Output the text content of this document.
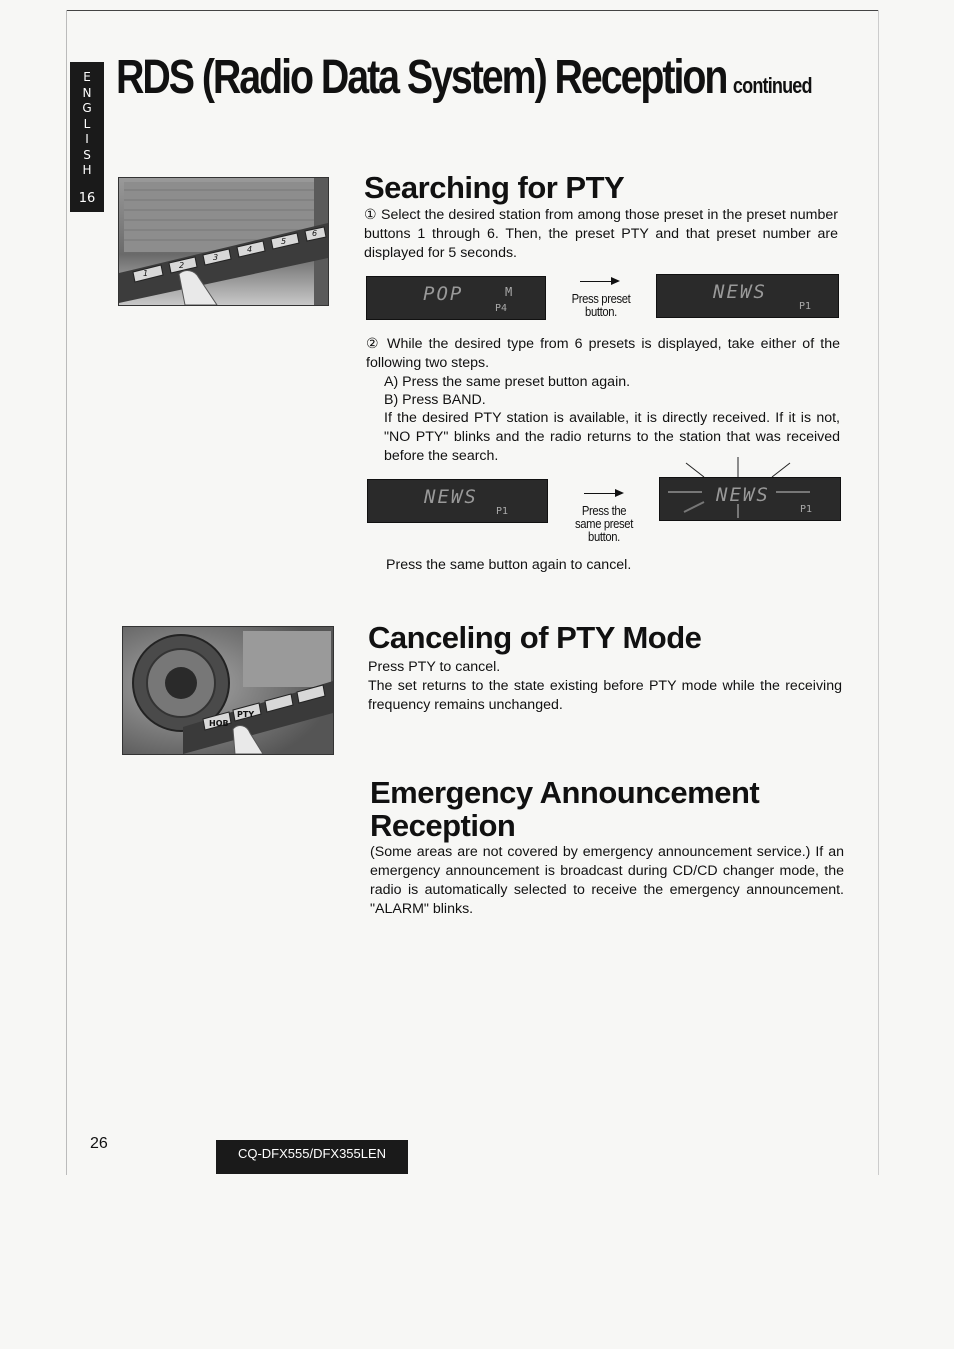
E
N
G
L
I
S
H
16
RDS (Radio Data System) Reception continued
1
2
3
4
5
6
Searching for PTY

① Select the desired station from among those preset in the preset number buttons 1 through 6. Then, the preset PTY and that preset number are displayed for 5 seconds.

POP	M
P4
Press preset button.
NEWS
P1

② While the desired type from 6 presets is displayed, take either of the following two steps.

A) Press the same preset button again.

B) Press BAND.

If the desired PTY station is available, it is directly received. If it is not, "NO PTY" blinks and the radio returns to the station that was received before the search.

NEWS
P1	Press the same preset button.
NEWS
P1

Press the same button again to cancel.

HOB
PTY
Canceling of PTY Mode

Press PTY to cancel.

The set returns to the state existing before PTY mode while the receiving frequency remains unchanged.

Emergency Announcement
Reception

(Some areas are not covered by emergency announcement service.) If an emergency announcement is broadcast during CD/CD changer mode, the radio is automatically selected to receive the emergency announcement. "ALARM" blinks.

26
CQ-DFX555/DFX355LEN
